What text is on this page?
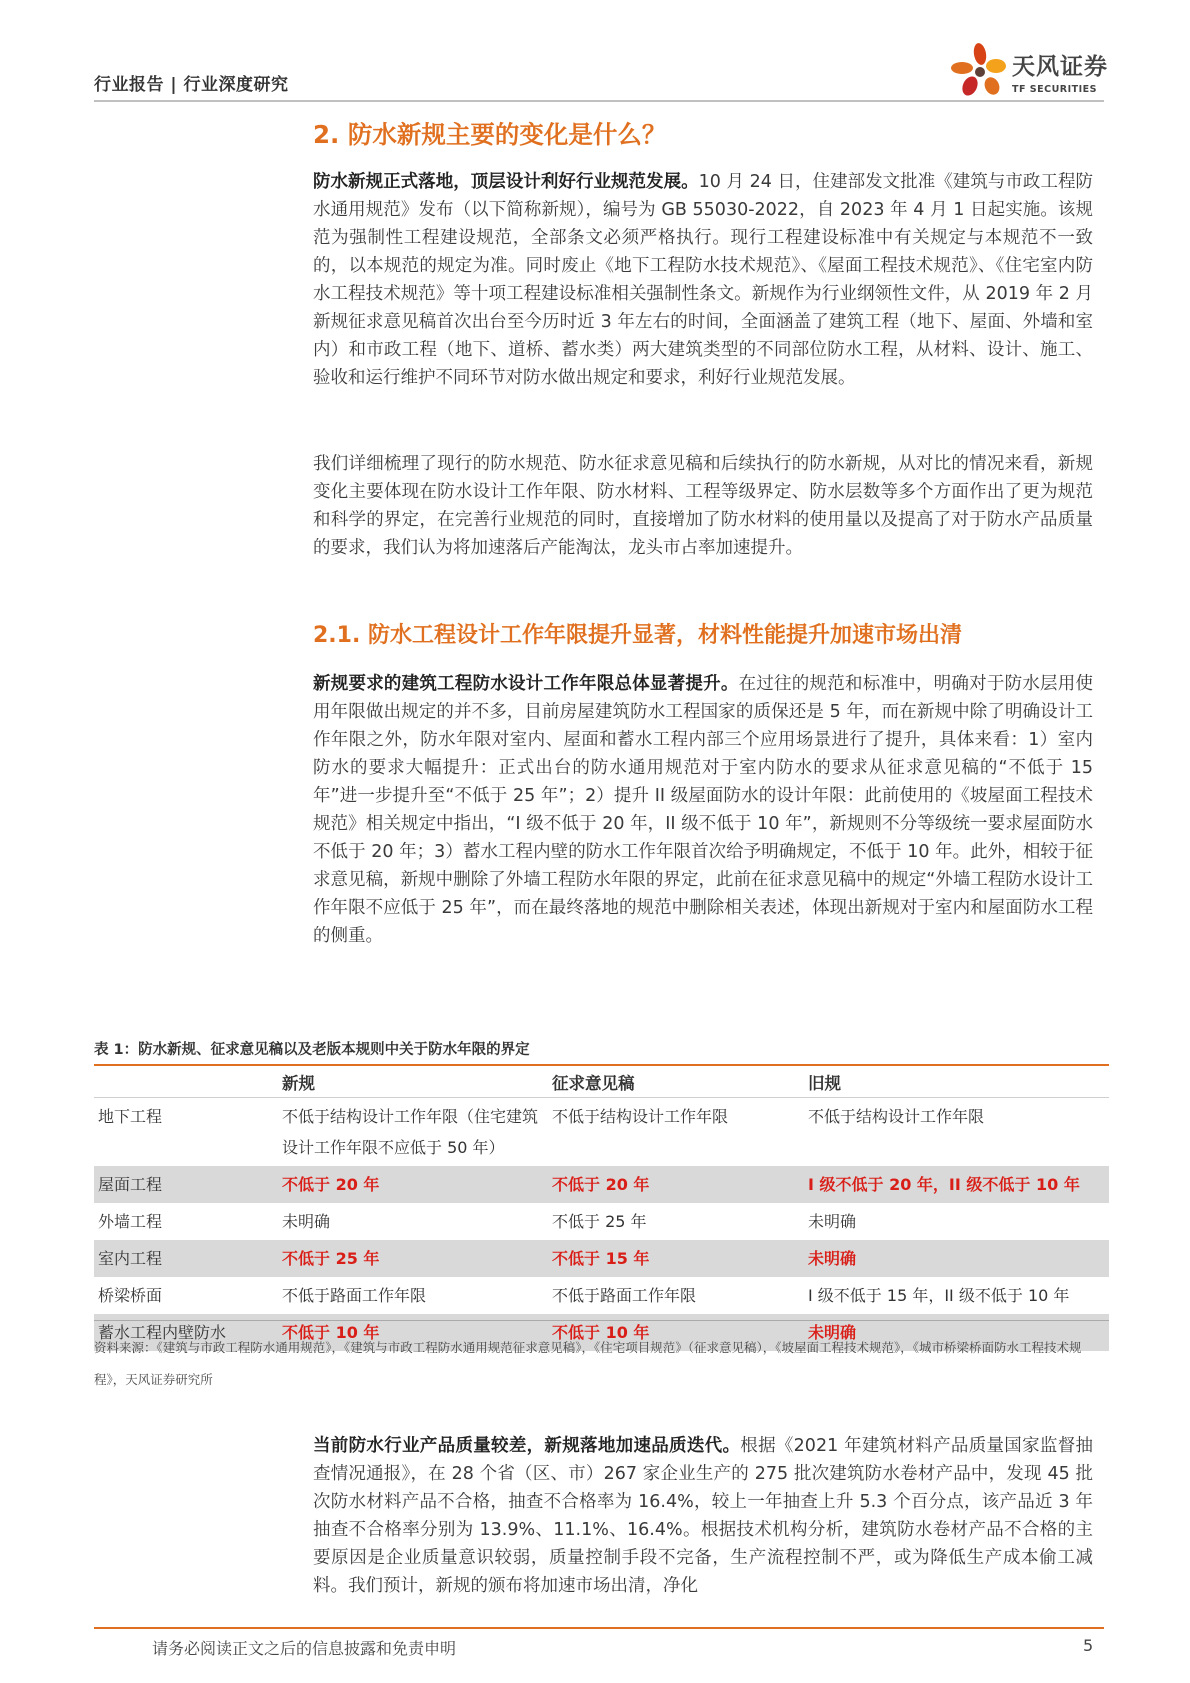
行业报告 | 行业深度研究
天风证券
TF SECURITIES
2. 防水新规主要的变化是什么？
防水新规正式落地，顶层设计利好行业规范发展。10 月 24 日，住建部发文批准《建筑与市政工程防水通用规范》发布（以下简称新规），编号为 GB 55030-2022，自 2023 年 4 月 1 日起实施。该规范为强制性工程建设规范，全部条文必须严格执行。现行工程建设标准中有关规定与本规范不一致的，以本规范的规定为准。同时废止《地下工程防水技术规范》、《屋面工程技术规范》、《住宅室内防水工程技术规范》等十项工程建设标准相关强制性条文。新规作为行业纲领性文件，从 2019 年 2 月新规征求意见稿首次出台至今历时近 3 年左右的时间，全面涵盖了建筑工程（地下、屋面、外墙和室内）和市政工程（地下、道桥、蓄水类）两大建筑类型的不同部位防水工程，从材料、设计、施工、验收和运行维护不同环节对防水做出规定和要求，利好行业规范发展。
我们详细梳理了现行的防水规范、防水征求意见稿和后续执行的防水新规，从对比的情况来看，新规变化主要体现在防水设计工作年限、防水材料、工程等级界定、防水层数等多个方面作出了更为规范和科学的界定，在完善行业规范的同时，直接增加了防水材料的使用量以及提高了对于防水产品质量的要求，我们认为将加速落后产能淘汰，龙头市占率加速提升。
2.1. 防水工程设计工作年限提升显著，材料性能提升加速市场出清
新规要求的建筑工程防水设计工作年限总体显著提升。在过往的规范和标准中，明确对于防水层用使用年限做出规定的并不多，目前房屋建筑防水工程国家的质保还是 5 年，而在新规中除了明确设计工作年限之外，防水年限对室内、屋面和蓄水工程内部三个应用场景进行了提升，具体来看：1）室内防水的要求大幅提升：正式出台的防水通用规范对于室内防水的要求从征求意见稿的“不低于 15 年”进一步提升至“不低于 25 年”；2）提升 II 级屋面防水的设计年限：此前使用的《坡屋面工程技术规范》相关规定中指出，“I 级不低于 20 年，II 级不低于 10 年”，新规则不分等级统一要求屋面防水不低于 20 年；3）蓄水工程内壁的防水工作年限首次给予明确规定，不低于 10 年。此外，相较于征求意见稿，新规中删除了外墙工程防水年限的界定，此前在征求意见稿中的规定“外墙工程防水设计工作年限不应低于 25 年”，而在最终落地的规范中删除相关表述，体现出新规对于室内和屋面防水工程的侧重。
表 1：防水新规、征求意见稿以及老版本规则中关于防水年限的界定
	新规	征求意见稿	旧规
地下工程	不低于结构设计工作年限（住宅建筑设计工作年限不应低于 50 年）	不低于结构设计工作年限	不低于结构设计工作年限
屋面工程	不低于 20 年	不低于 20 年	I 级不低于 20 年，II 级不低于 10 年
外墙工程	未明确	不低于 25 年	未明确
室内工程	不低于 25 年	不低于 15 年	未明确
桥梁桥面	不低于路面工作年限	不低于路面工作年限	I 级不低于 15 年，II 级不低于 10 年
蓄水工程内壁防水	不低于 10 年	不低于 10 年	未明确
资料来源：《建筑与市政工程防水通用规范》，《建筑与市政工程防水通用规范征求意见稿》，《住宅项目规范》（征求意见稿），《坡屋面工程技术规范》，《城市桥梁桥面防水工程技术规程》，天风证券研究所
当前防水行业产品质量较差，新规落地加速品质迭代。根据《2021 年建筑材料产品质量国家监督抽查情况通报》，在 28 个省（区、市）267 家企业生产的 275 批次建筑防水卷材产品中，发现 45 批次防水材料产品不合格，抽查不合格率为 16.4%，较上一年抽查上升 5.3 个百分点，该产品近 3 年抽查不合格率分别为 13.9%、11.1%、16.4%。根据技术机构分析，建筑防水卷材产品不合格的主要原因是企业质量意识较弱，质量控制手段不完备，生产流程控制不严，或为降低生产成本偷工减料。我们预计，新规的颁布将加速市场出清，净化
请务必阅读正文之后的信息披露和免责申明	5
